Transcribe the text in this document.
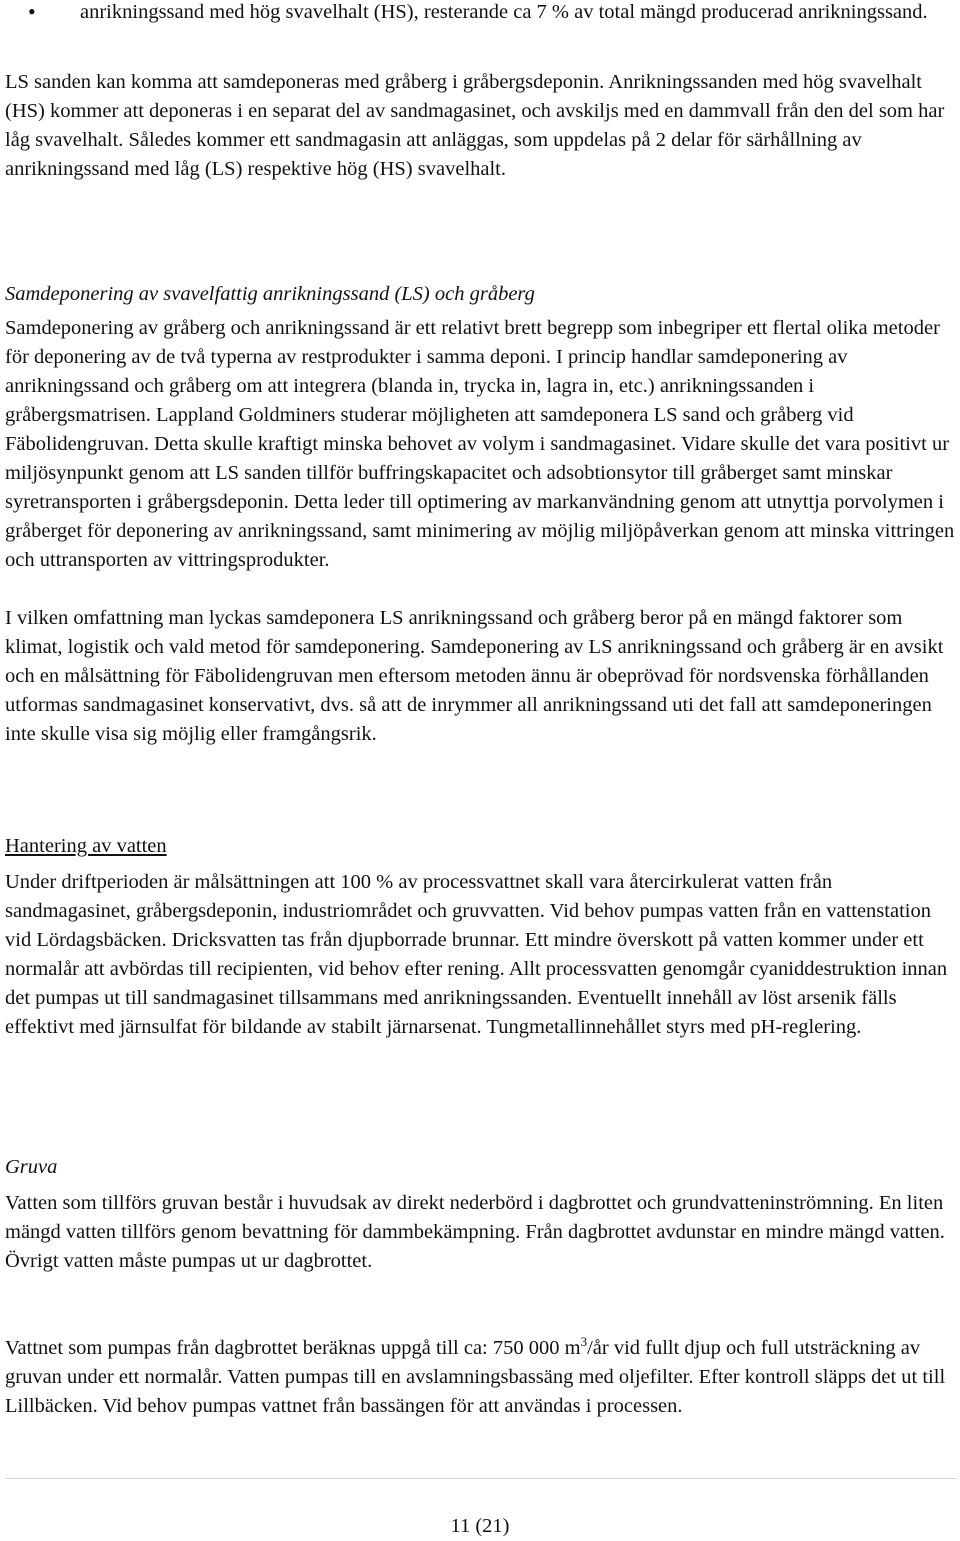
• anrikningssand med hög svavelhalt (HS), resterande ca 7 % av total mängd producerad anrikningssand.

LS sanden kan komma att samdeponeras med gråberg i gråbergsdeponin. Anrikningssanden med hög svavelhalt (HS) kommer att deponeras i en separat del av sandmagasinet, och avskiljs med en dammvall från den del som har låg svavelhalt. Således kommer ett sandmagasin att anläggas, som uppdelas på 2 delar för särhållning av anrikningssand med låg (LS) respektive hög (HS) svavelhalt.

Samdeponering av svavelfattig anrikningssand (LS) och gråberg

Samdeponering av gråberg och anrikningssand är ett relativt brett begrepp som inbegriper ett flertal olika metoder för deponering av de två typerna av restprodukter i samma deponi. I princip handlar samdeponering av anrikningssand och gråberg om att integrera (blanda in, trycka in, lagra in, etc.) anrikningssanden i gråbergsmatrisen. Lappland Goldminers studerar möjligheten att samdeponera LS sand och gråberg vid Fäbolidengruvan. Detta skulle kraftigt minska behovet av volym i sandmagasinet. Vidare skulle det vara positivt ur miljösynpunkt genom att LS sanden tillför buffringskapacitet och adsobtionsytor till gråberget samt minskar syretransporten i gråbergsdeponin. Detta leder till optimering av markanvändning genom att utnyttja porvolymen i gråberget för deponering av anrikningssand, samt minimering av möjlig miljöpåverkan genom att minska vittringen och uttransporten av vittringsprodukter.

I vilken omfattning man lyckas samdeponera LS anrikningssand och gråberg beror på en mängd faktorer som klimat, logistik och vald metod för samdeponering. Samdeponering av LS anrikningssand och gråberg är en avsikt och en målsättning för Fäbolidengruvan men eftersom metoden ännu är obeprövad för nordsvenska förhållanden utformas sandmagasinet konservativt, dvs. så att de inrymmer all anrikningssand uti det fall att samdeponeringen inte skulle visa sig möjlig eller framgångsrik.

Hantering av vatten

Under driftperioden är målsättningen att 100 % av processvattnet skall vara återcirkulerat vatten från sandmagasinet, gråbergsdeponin, industriområdet och gruvvatten. Vid behov pumpas vatten från en vattenstation vid Lördagsbäcken. Dricksvatten tas från djupborrade brunnar. Ett mindre överskott på vatten kommer under ett normalår att avbördas till recipienten, vid behov efter rening. Allt processvatten genomgår cyaniddestruktion innan det pumpas ut till sandmagasinet tillsammans med anrikningssanden. Eventuellt innehåll av löst arsenik fälls effektivt med järnsulfat för bildande av stabilt järnarsenat. Tungmetallinnehållet styrs med pH-reglering.

Gruva

Vatten som tillförs gruvan består i huvudsak av direkt nederbörd i dagbrottet och grundvatteninströmning. En liten mängd vatten tillförs genom bevattning för dammbekämpning. Från dagbrottet avdunstar en mindre mängd vatten. Övrigt vatten måste pumpas ut ur dagbrottet.

Vattnet som pumpas från dagbrottet beräknas uppgå till ca: 750 000 $m^3/år$ vid fullt djup och full utsträckning av gruvan under ett normalår. Vatten pumpas till en avslamningsbassäng med oljefilter. Efter kontroll släpps det ut till Lillbäcken. Vid behov pumpas vattnet från bassängen för att användas i processen.

11 (21)
